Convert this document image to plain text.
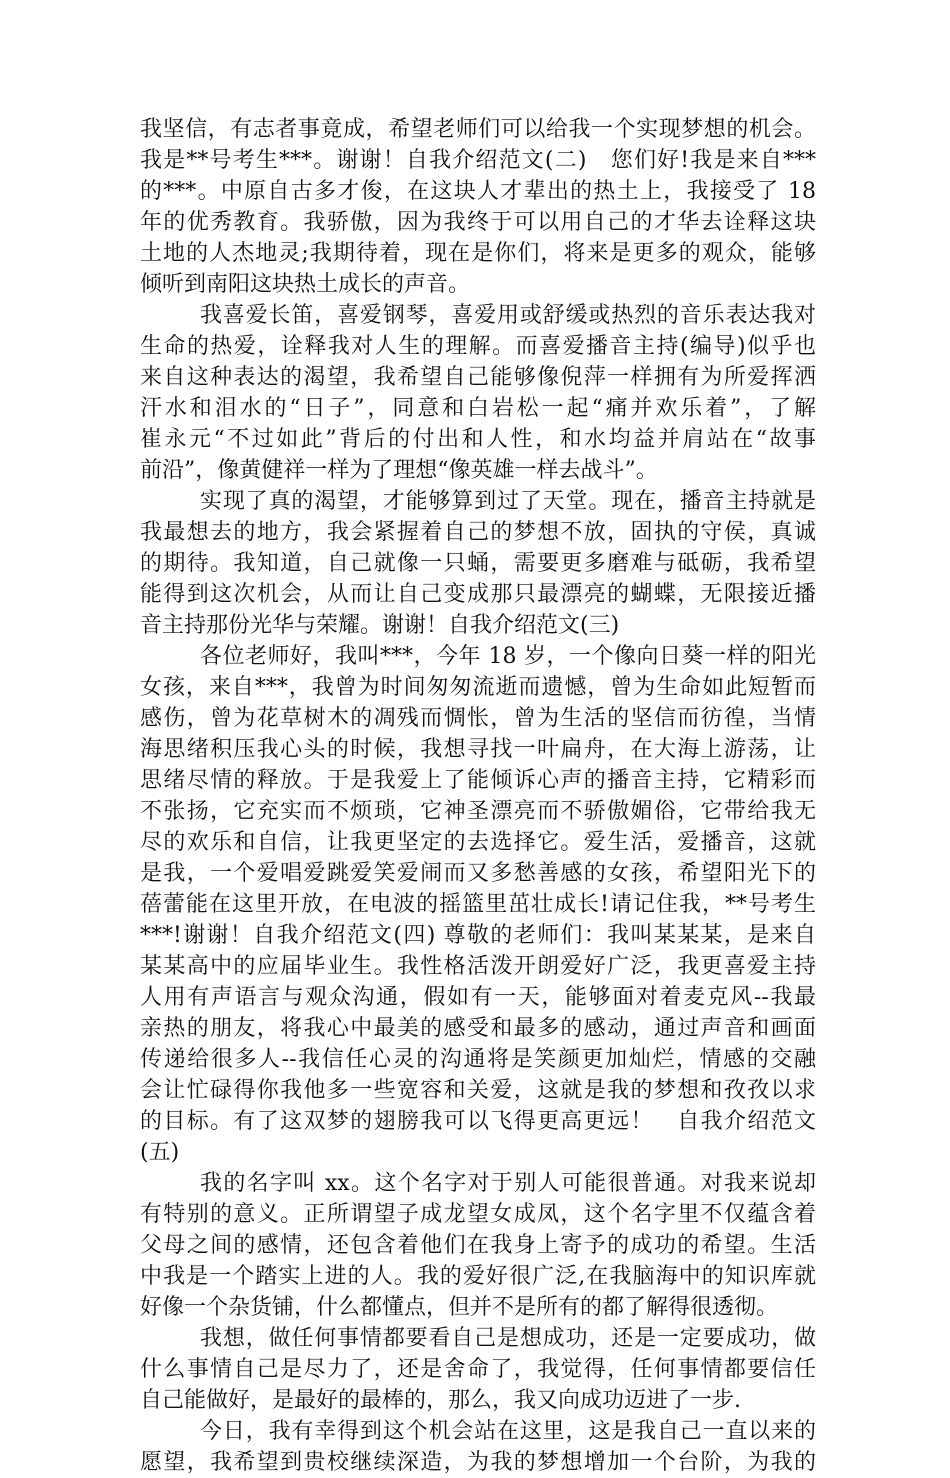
我坚信，有志者事竟成，希望老师们可以给我一个实现梦想的机会。
我是**号考生***。谢谢！自我介绍范文(二)　您们好!我是来自***
的***。中原自古多才俊，在这块人才辈出的热土上，我接受了 18
年的优秀教育。我骄傲，因为我终于可以用自己的才华去诠释这块
土地的人杰地灵;我期待着，现在是你们，将来是更多的观众，能够
倾听到南阳这块热土成长的声音。
我喜爱长笛，喜爱钢琴，喜爱用或舒缓或热烈的音乐表达我对
生命的热爱，诠释我对人生的理解。而喜爱播音主持(编导)似乎也
来自这种表达的渴望，我希望自己能够像倪萍一样拥有为所爱挥洒
汗水和泪水的“日子”，同意和白岩松一起“痛并欢乐着”，了解
崔永元“不过如此”背后的付出和人性，和水均益并肩站在“故事
前沿”，像黄健祥一样为了理想“像英雄一样去战斗”。
实现了真的渴望，才能够算到过了天堂。现在，播音主持就是
我最想去的地方，我会紧握着自己的梦想不放，固执的守侯，真诚
的期待。我知道，自己就像一只蛹，需要更多磨难与砥砺，我希望
能得到这次机会，从而让自己变成那只最漂亮的蝴蝶，无限接近播
音主持那份光华与荣耀。谢谢！自我介绍范文(三)
各位老师好，我叫***，今年 18 岁，一个像向日葵一样的阳光
女孩，来自***，我曾为时间匆匆流逝而遗憾，曾为生命如此短暂而
感伤，曾为花草树木的凋残而惆怅，曾为生活的坚信而彷徨，当情
海思绪积压我心头的时候，我想寻找一叶扁舟，在大海上游荡，让
思绪尽情的释放。于是我爱上了能倾诉心声的播音主持，它精彩而
不张扬，它充实而不烦琐，它神圣漂亮而不骄傲媚俗，它带给我无
尽的欢乐和自信，让我更坚定的去选择它。爱生活，爱播音，这就
是我，一个爱唱爱跳爱笑爱闹而又多愁善感的女孩，希望阳光下的
蓓蕾能在这里开放，在电波的摇篮里茁壮成长!请记住我，**号考生
***!谢谢！自我介绍范文(四) 尊敬的老师们：我叫某某某，是来自
某某高中的应届毕业生。我性格活泼开朗爱好广泛，我更喜爱主持
人用有声语言与观众沟通，假如有一天，能够面对着麦克风--我最
亲热的朋友，将我心中最美的感受和最多的感动，通过声音和画面
传递给很多人--我信任心灵的沟通将是笑颜更加灿烂，情感的交融
会让忙碌得你我他多一些宽容和关爱，这就是我的梦想和孜孜以求
的目标。有了这双梦的翅膀我可以飞得更高更远！　自我介绍范文
(五)
我的名字叫 xx。这个名字对于别人可能很普通。对我来说却
有特别的意义。正所谓望子成龙望女成凤，这个名字里不仅蕴含着
父母之间的感情，还包含着他们在我身上寄予的成功的希望。生活
中我是一个踏实上进的人。我的爱好很广泛,在我脑海中的知识库就
好像一个杂货铺，什么都懂点，但并不是所有的都了解得很透彻。
我想，做任何事情都要看自己是想成功，还是一定要成功，做
什么事情自己是尽力了，还是舍命了，我觉得，任何事情都要信任
自己能做好，是最好的最棒的，那么，我又向成功迈进了一步.
今日，我有幸得到这个机会站在这里，这是我自己一直以来的
愿望，我希望到贵校继续深造，为我的梦想增加一个台阶，为我的
